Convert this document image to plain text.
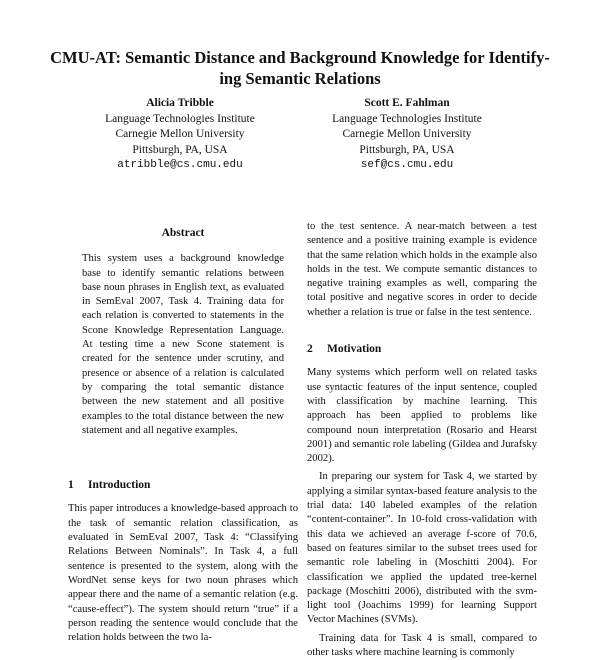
CMU-AT: Semantic Distance and Background Knowledge for Identify-
ing Semantic Relations
Alicia Tribble
Language Technologies Institute
Carnegie Mellon University
Pittsburgh, PA, USA
atribble@cs.cmu.edu
Scott E. Fahlman
Language Technologies Institute
Carnegie Mellon University
Pittsburgh, PA, USA
sef@cs.cmu.edu
Abstract

This system uses a background knowledge base to identify semantic relations between base noun phrases in English text, as evaluated in SemEval 2007, Task 4. Training data for each relation is converted to statements in the Scone Knowledge Representation Language. At testing time a new Scone statement is created for the sentence under scrutiny, and presence or absence of a relation is calculated by comparing the total semantic distance between the new statement and all positive examples to the total distance between the new statement and all negative examples.

1 Introduction

This paper introduces a knowledge-based approach to the task of semantic relation classification, as evaluated in SemEval 2007, Task 4: “Classifying Relations Between Nominals”. In Task 4, a full sentence is presented to the system, along with the WordNet sense keys for two noun phrases which appear there and the name of a semantic relation (e.g. “cause-effect”). The system should return “true” if a person reading the sentence would conclude that the relation holds between the two la-

to the test sentence. A near-match between a test sentence and a positive training example is evidence that the same relation which holds in the example also holds in the test. We compute semantic distances to negative training examples as well, comparing the total positive and negative scores in order to decide whether a relation is true or false in the test sentence.

2 Motivation

Many systems which perform well on related tasks use syntactic features of the input sentence, coupled with classification by machine learning. This approach has been applied to problems like compound noun interpretation (Rosario and Hearst 2001) and semantic role labeling (Gildea and Jurafsky 2002).

In preparing our system for Task 4, we started by applying a similar syntax-based feature analysis to the trial data: 140 labeled examples of the relation “content-container”. In 10-fold cross-validation with this data we achieved an average f-score of 70.6, based on features similar to the subset trees used for semantic role labeling in (Moschitti 2004). For classification we applied the updated tree-kernel package (Moschitti 2006), distributed with the svm-light tool (Joachims 1999) for learning Support Vector Machines (SVMs).

Training data for Task 4 is small, compared to other tasks where machine learning is commonly
